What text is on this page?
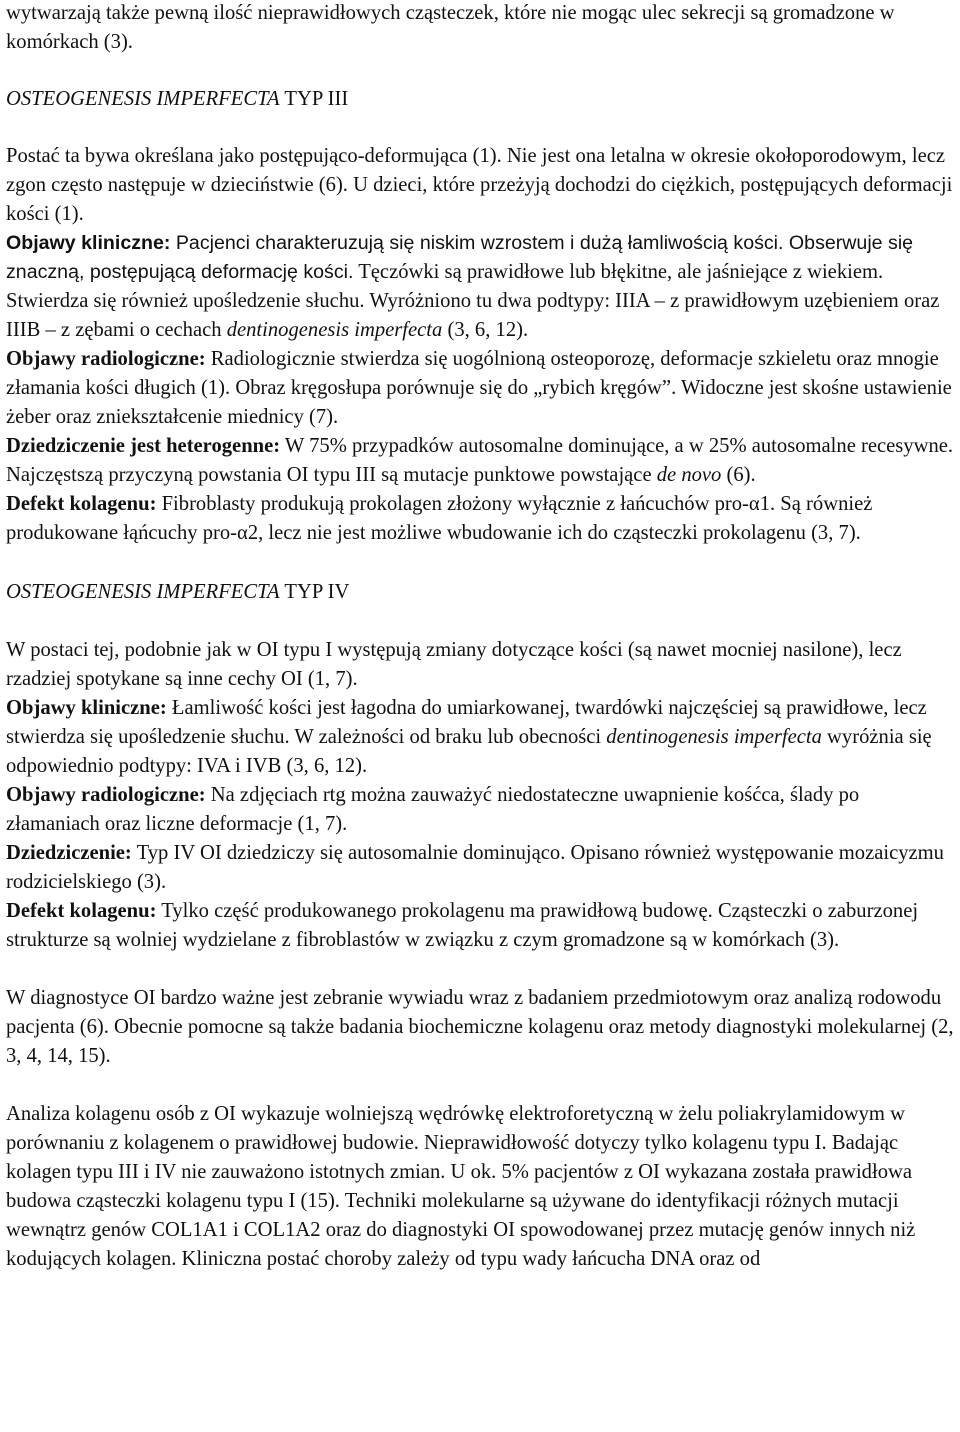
wytwarzają także pewną ilość nieprawidłowych cząsteczek, które nie mogąc ulec sekrecji są gromadzone w komórkach (3).

OSTEOGENESIS IMPERFECTA TYP III

Postać ta bywa określana jako postępująco-deformująca (1). Nie jest ona letalna w okresie okołoporodowym, lecz zgon często następuje w dzieciństwie (6). U dzieci, które przeżyją dochodzi do ciężkich, postępujących deformacji kości (1).
Objawy kliniczne: Pacjenci charakteruzują się niskim wzrostem i dużą łamliwością kości. Obserwuje się znaczną, postępującą deformację kości. Tęczówki są prawidłowe lub błękitne, ale jaśniejące z wiekiem. Stwierdza się również upośledzenie słuchu. Wyróżniono tu dwa podtypy: IIIA – z prawidłowym uzębieniem oraz IIIB – z zębami o cechach dentinogenesis imperfecta (3, 6, 12).
Objawy radiologiczne: Radiologicznie stwierdza się uogólnioną osteoporozę, deformacje szkieletu oraz mnogie złamania kości długich (1). Obraz kręgosłupa porównuje się do „rybich kręgów”. Widoczne jest skośne ustawienie żeber oraz zniekształcenie miednicy (7).
Dziedziczenie jest heterogenne: W 75% przypadków autosomalne dominujące, a w 25% autosomalne recesywne. Najczęstszą przyczyną powstania OI typu III są mutacje punktowe powstające de novo (6).
Defekt kolagenu: Fibroblasty produkują prokolagen złożony wyłącznie z łańcuchów pro-α1. Są również produkowane łąńcuchy pro-α2, lecz nie jest możliwe wbudowanie ich do cząsteczki prokolagenu (3, 7).

OSTEOGENESIS IMPERFECTA TYP IV

W postaci tej, podobnie jak w OI typu I występują zmiany dotyczące kości (są nawet mocniej nasilone), lecz rzadziej spotykane są inne cechy OI (1, 7).
Objawy kliniczne: Łamliwość kości jest łagodna do umiarkowanej, twardówki najczęściej są prawidłowe, lecz stwierdza się upośledzenie słuchu. W zależności od braku lub obecności dentinogenesis imperfecta wyróżnia się odpowiednio podtypy: IVA i IVB (3, 6, 12).
Objawy radiologiczne: Na zdjęciach rtg można zauważyć niedostateczne uwapnienie kośćca, ślady po złamaniach oraz liczne deformacje (1, 7).
Dziedziczenie: Typ IV OI dziedziczy się autosomalnie dominująco. Opisano również występowanie mozaicyzmu rodzicielskiego (3).
Defekt kolagenu: Tylko część produkowanego prokolagenu ma prawidłową budowę. Cząsteczki o zaburzonej strukturze są wolniej wydzielane z fibroblastów w związku z czym gromadzone są w komórkach (3).

W diagnostyce OI bardzo ważne jest zebranie wywiadu wraz z badaniem przedmiotowym oraz analizą rodowodu pacjenta (6). Obecnie pomocne są także badania biochemiczne kolagenu oraz metody diagnostyki molekularnej (2, 3, 4, 14, 15).

Analiza kolagenu osób z OI wykazuje wolniejszą wędrówkę elektroforetyczną w żelu poliakrylamidowym w porównaniu z kolagenem o prawidłowej budowie. Nieprawidłowość dotyczy tylko kolagenu typu I. Badając kolagen typu III i IV nie zauważono istotnych zmian. U ok. 5% pacjentów z OI wykazana została prawidłowa budowa cząsteczki kolagenu typu I (15). Techniki molekularne są używane do identyfikacji różnych mutacji wewnątrz genów COL1A1 i COL1A2 oraz do diagnostyki OI spowodowanej przez mutację genów innych niż kodujących kolagen. Kliniczna postać choroby zależy od typu wady łańcucha DNA oraz od
